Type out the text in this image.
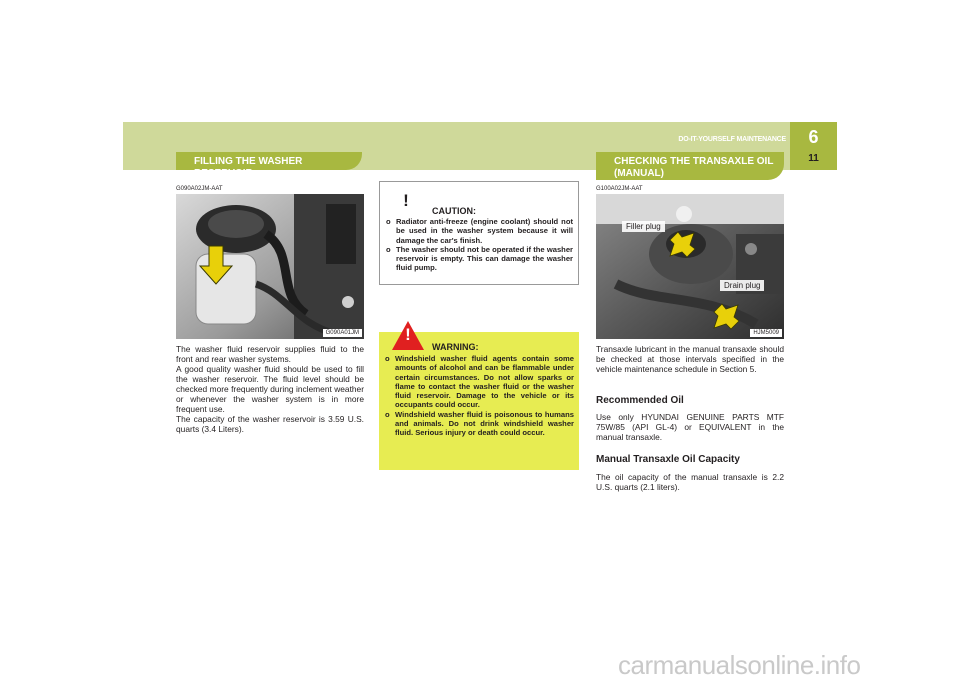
DO-IT-YOURSELF MAINTENANCE	6
11
FILLING THE WASHER RESERVOIR
G090A02JM-AAT
G090A01JM

The washer fluid reservoir supplies fluid to the front and rear washer systems.

A good quality washer fluid should be used to fill the washer reservoir. The fluid level should be checked more frequently during inclement weather or whenever the washer system is in more frequent use.

The capacity of the washer reservoir is 3.59 U.S. quarts (3.4 Liters).

!
CAUTION:
o Radiator anti-freeze (engine coolant) should not be used in the washer system because it will damage the car's finish.
o The washer should not be operated if the washer reservoir is empty. This can damage the washer fluid pump.
!
WARNING:
o Windshield washer fluid agents contain some amounts of alcohol and can be flammable under certain circumstances. Do not allow sparks or flame to contact the washer fluid or the washer fluid reservoir. Damage to the vehicle or its occupants could occur.
o Windshield washer fluid is poisonous to humans and animals. Do not drink windshield washer fluid. Serious injury or death could occur.
CHECKING THE TRANSAXLE OIL
(MANUAL)
G100A02JM-AAT
Filler plug
Drain plug
HJM5009
Transaxle lubricant in the manual transaxle should be checked at those intervals specified in the vehicle maintenance schedule in Section 5.
Recommended Oil
Use only HYUNDAI GENUINE PARTS MTF 75W/85 (API GL-4) or EQUIVALENT in the manual transaxle.
Manual Transaxle Oil Capacity
The oil capacity of the manual transaxle is 2.2 U.S. quarts (2.1 liters).
carmanualsonline.info
